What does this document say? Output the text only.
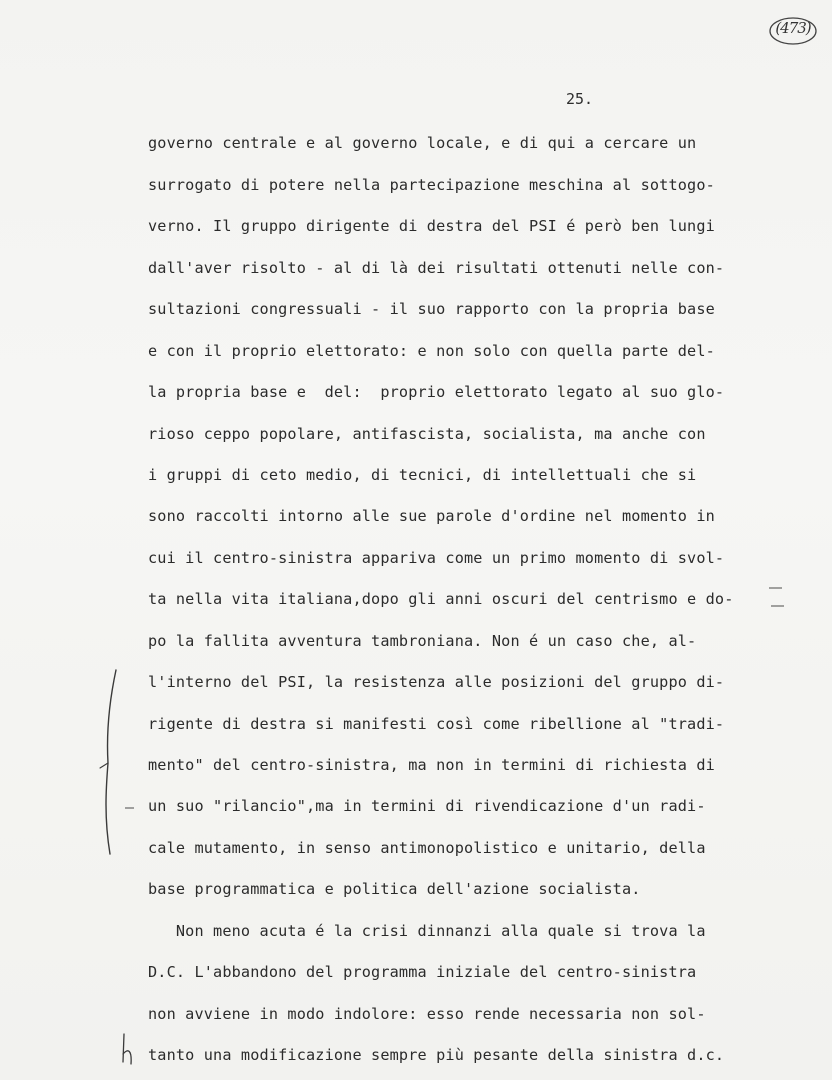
(473)
25.
governo centrale e al governo locale, e di qui a cercare un
surrogato di potere nella partecipazione meschina al sottogo-
verno. Il gruppo dirigente di destra del PSI é però ben lungi
dall'aver risolto - al di là dei risultati ottenuti nelle con-
sultazioni congressuali - il suo rapporto con la propria base
e con il proprio elettorato: e non solo con quella parte del-
la propria base e  del:  proprio elettorato legato al suo glo-
rioso ceppo popolare, antifascista, socialista, ma anche con
i gruppi di ceto medio, di tecnici, di intellettuali che si
sono raccolti intorno alle sue parole d'ordine nel momento in
cui il centro-sinistra appariva come un primo momento di svol-
ta nella vita italiana,dopo gli anni oscuri del centrismo e do-
po la fallita avventura tambroniana. Non é un caso che, al-
l'interno del PSI, la resistenza alle posizioni del gruppo di-
rigente di destra si manifesti così come ribellione al "tradi-
mento" del centro-sinistra, ma non in termini di richiesta di
un suo "rilancio",ma in termini di rivendicazione d'un radi-
cale mutamento, in senso antimonopolistico e unitario, della
base programmatica e politica dell'azione socialista.
Non meno acuta é la crisi dinnanzi alla quale si trova la
D.C. L'abbandono del programma iniziale del centro-sinistra
non avviene in modo indolore: esso rende necessaria non sol-
tanto una modificazione sempre più pesante della sinistra d.c.
